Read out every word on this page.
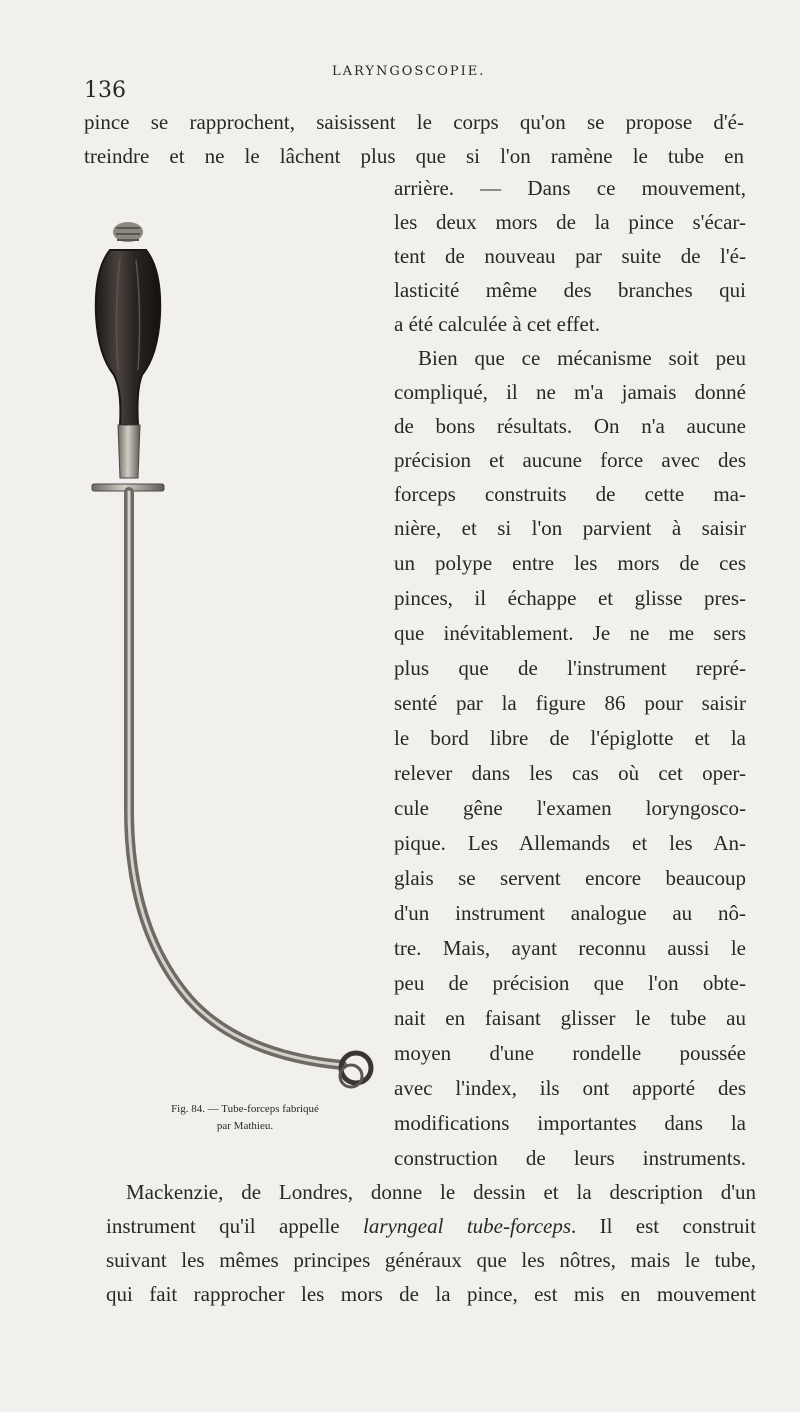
136
LARYNGOSCOPIE.
pince se rapprochent, saisissent le corps qu'on se propose d'é-
treindre et ne le lâchent plus que si l'on ramène le tube en
arrière. — Dans ce mouvement,
les deux mors de la pince s'écar-
tent de nouveau par suite de l'é-
lasticité même des branches qui
a été calculée à cet effet.
Bien que ce mécanisme soit peu
compliqué, il ne m'a jamais donné
de bons résultats. On n'a aucune
précision et aucune force avec des
forceps construits de cette ma-
nière, et si l'on parvient à saisir
un polype entre les mors de ces
pinces, il échappe et glisse pres-
que inévitablement. Je ne me sers
plus que de l'instrument repré-
senté par la figure 86 pour saisir
le bord libre de l'épiglotte et la
relever dans les cas où cet oper-
cule gêne l'examen loryngosco-
pique. Les Allemands et les An-
glais se servent encore beaucoup
d'un instrument analogue au nô-
tre. Mais, ayant reconnu aussi le
peu de précision que l'on obte-
nait en faisant glisser le tube au
moyen d'une rondelle poussée
avec l'index, ils ont apporté des
modifications importantes dans la
construction de leurs instruments.
Mackenzie, de Londres, donne le dessin et la description d'un
instrument qu'il appelle laryngeal tube-forceps. Il est construit
suivant les mêmes principes généraux que les nôtres, mais le tube,
qui fait rapprocher les mors de la pince, est mis en mouvement
Fig. 84. — Tube-forceps fabriqué
par Mathieu.
